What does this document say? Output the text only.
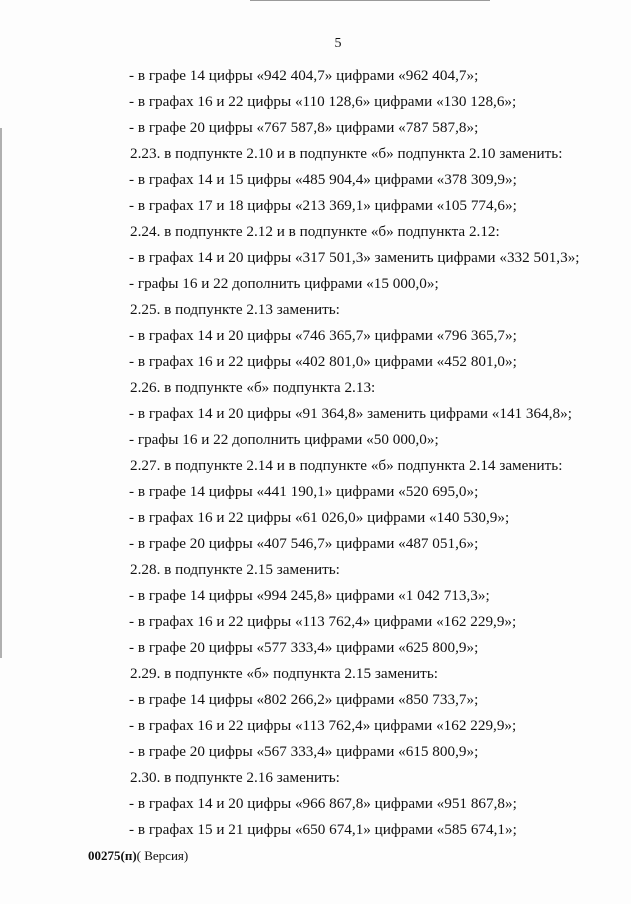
5
- в графе 14 цифры «942 404,7» цифрами «962 404,7»;
- в графах 16 и 22 цифры «110 128,6» цифрами «130 128,6»;
- в графе 20 цифры «767 587,8» цифрами «787 587,8»;
2.23. в подпункте 2.10 и в подпункте «б» подпункта 2.10 заменить:
- в графах 14 и 15 цифры «485 904,4» цифрами «378 309,9»;
- в графах 17 и 18 цифры «213 369,1» цифрами «105 774,6»;
2.24. в подпункте 2.12 и в подпункте «б» подпункта 2.12:
- в графах 14 и 20 цифры «317 501,3» заменить цифрами «332 501,3»;
- графы 16 и 22 дополнить цифрами «15 000,0»;
2.25. в подпункте 2.13 заменить:
- в графах 14 и 20 цифры «746 365,7» цифрами «796 365,7»;
- в графах 16 и 22 цифры «402 801,0» цифрами «452 801,0»;
2.26. в подпункте «б» подпункта 2.13:
- в графах 14 и 20 цифры «91 364,8» заменить цифрами «141 364,8»;
- графы 16 и 22 дополнить цифрами «50 000,0»;
2.27. в подпункте 2.14 и в подпункте «б» подпункта 2.14 заменить:
- в графе 14 цифры «441 190,1» цифрами «520 695,0»;
- в графах 16 и 22 цифры «61 026,0» цифрами «140 530,9»;
- в графе 20 цифры «407 546,7» цифрами «487 051,6»;
2.28. в подпункте 2.15 заменить:
- в графе 14 цифры «994 245,8» цифрами «1 042 713,3»;
- в графах 16 и 22 цифры «113 762,4» цифрами «162 229,9»;
- в графе 20 цифры «577 333,4» цифрами «625 800,9»;
2.29. в подпункте «б» подпункта 2.15 заменить:
- в графе 14 цифры «802 266,2» цифрами «850 733,7»;
- в графах 16 и 22 цифры «113 762,4» цифрами «162 229,9»;
- в графе 20 цифры «567 333,4» цифрами «615 800,9»;
2.30. в подпункте 2.16 заменить:
- в графах 14 и 20 цифры «966 867,8» цифрами «951 867,8»;
- в графах 15 и 21 цифры «650 674,1» цифрами «585 674,1»;
00275(п)( Версия)
